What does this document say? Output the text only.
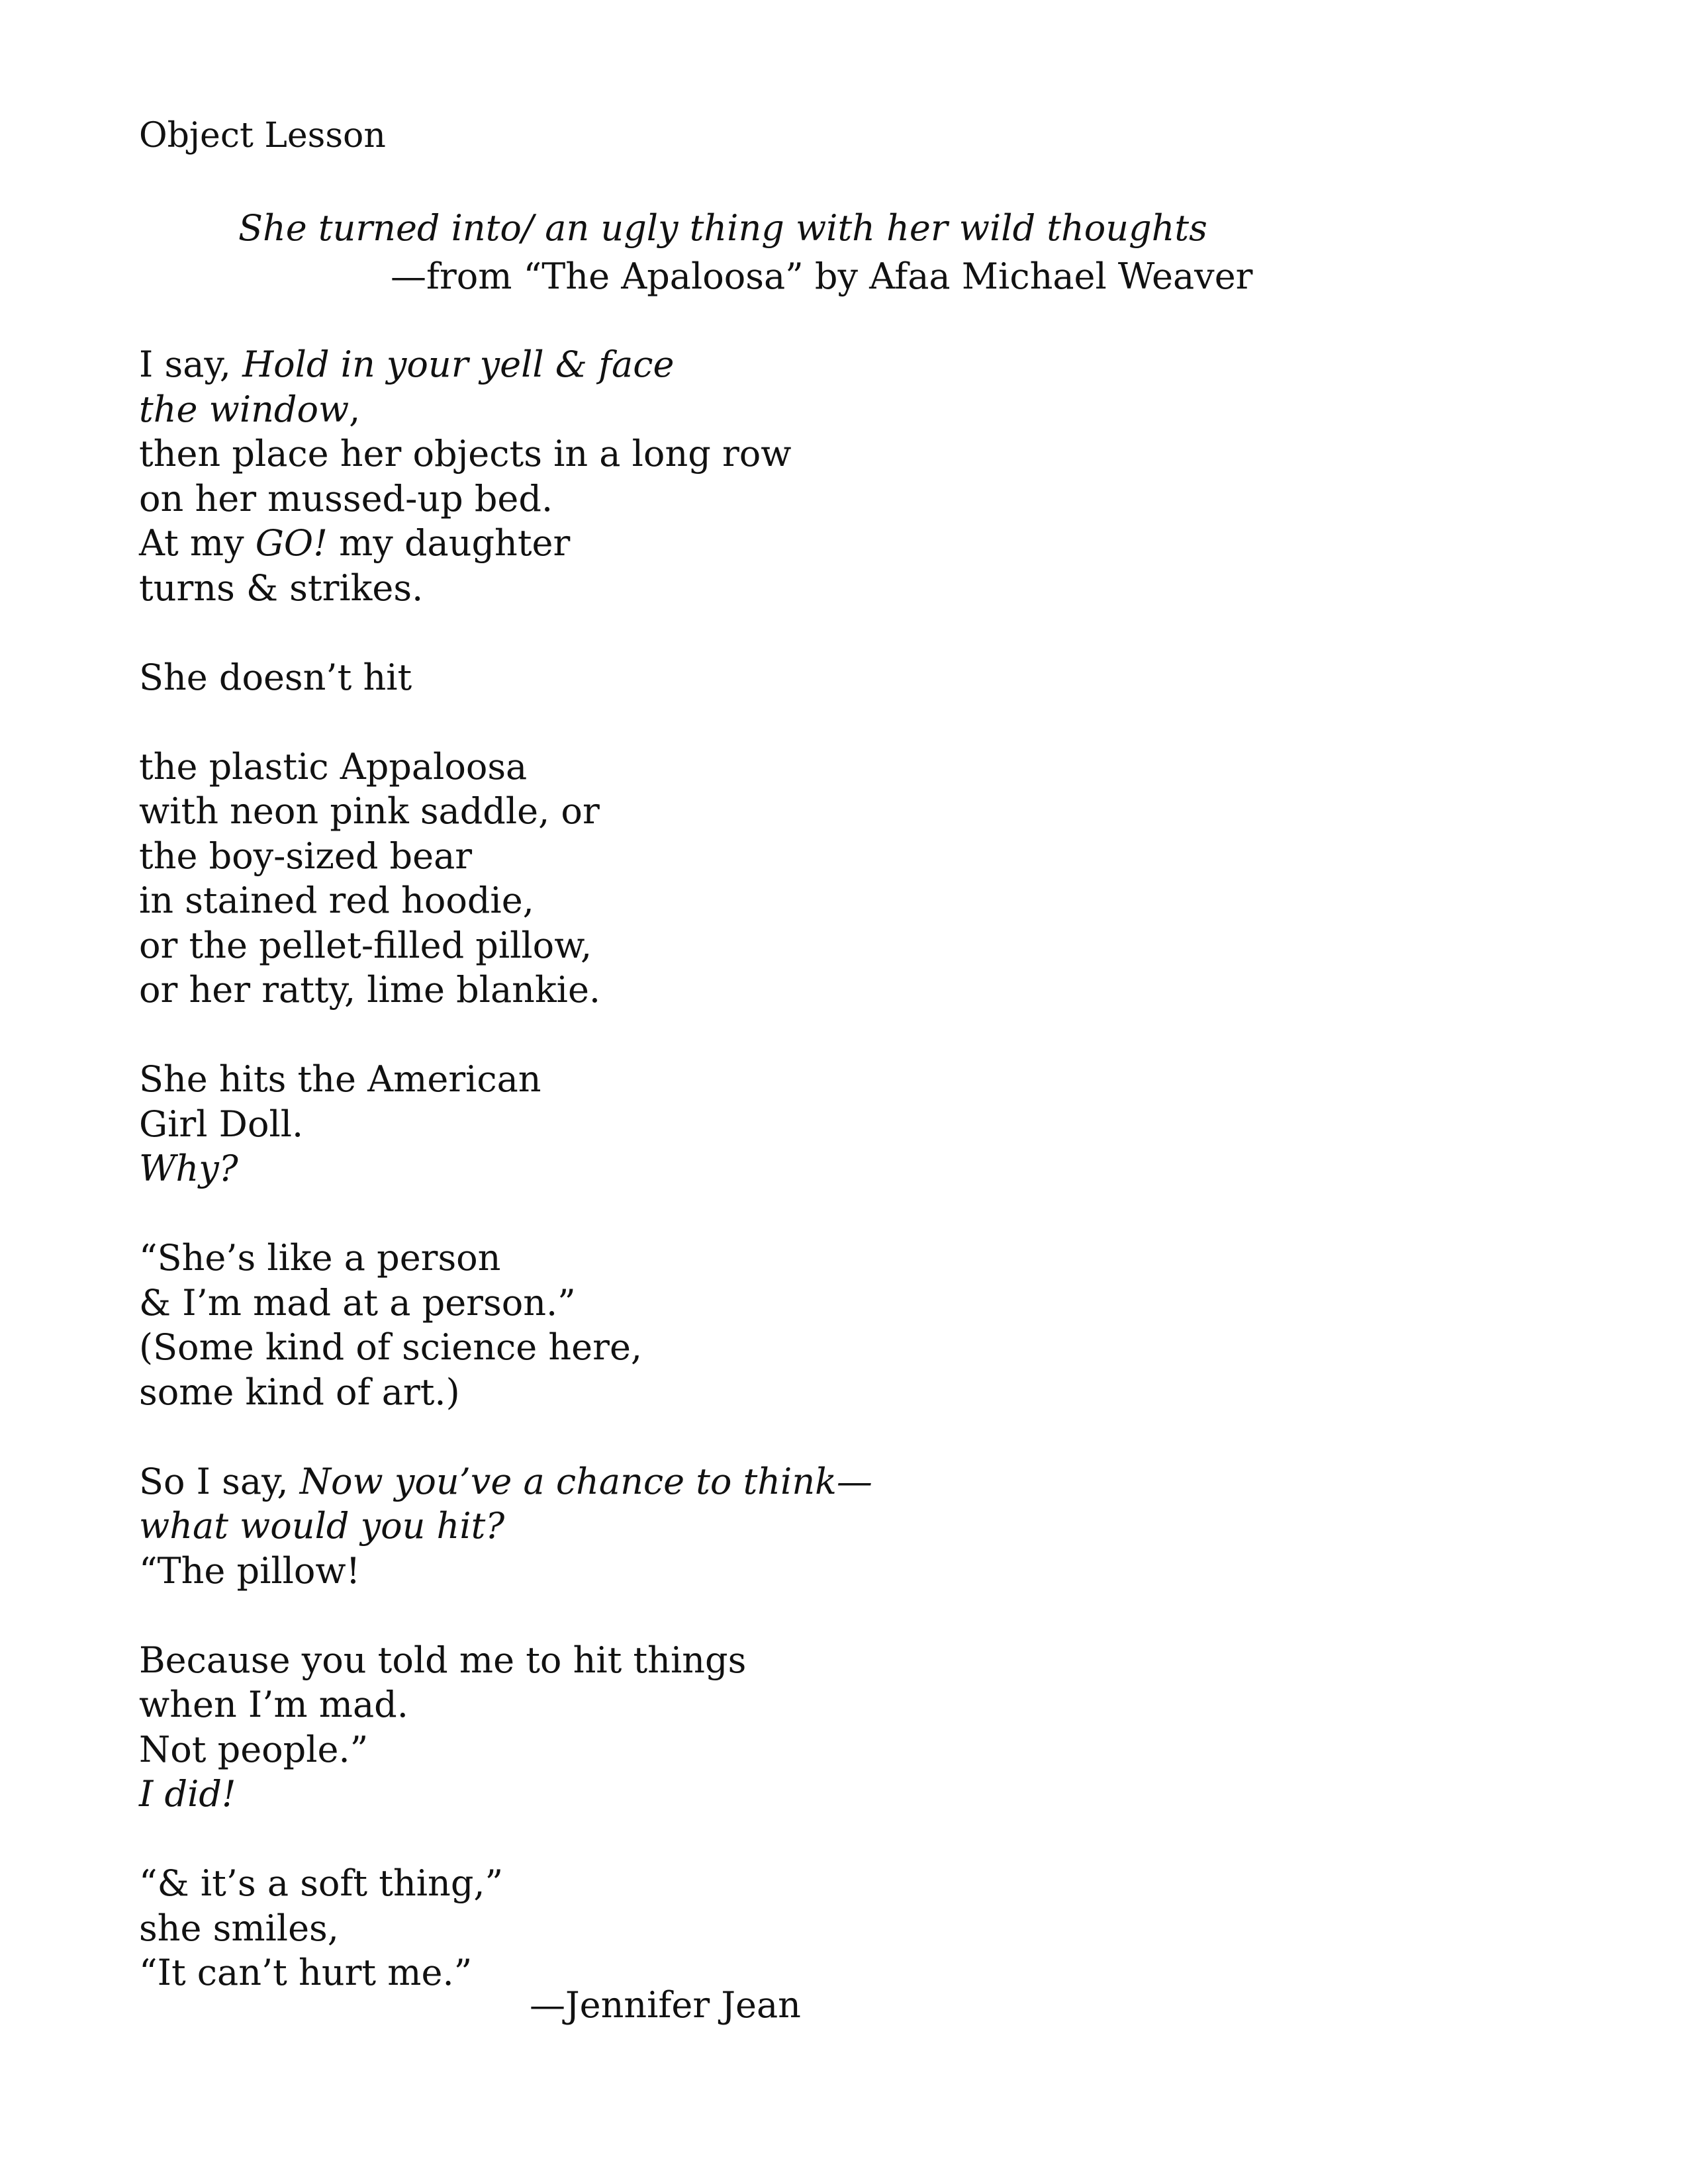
Object Lesson
She turned into/ an ugly thing with her wild thoughts
—from “The Apaloosa” by Afaa Michael Weaver
I say, Hold in your yell & face
the window,
then place her objects in a long row
on her mussed-up bed.
At my GO! my daughter
turns & strikes.
She doesn’t hit
the plastic Appaloosa
with neon pink saddle, or
the boy-sized bear
in stained red hoodie,
or the pellet-filled pillow,
or her ratty, lime blankie.
She hits the American
Girl Doll.
Why?
“She’s like a person
& I’m mad at a person.”
(Some kind of science here,
some kind of art.)
So I say, Now you’ve a chance to think—
what would you hit?
“The pillow!
Because you told me to hit things
when I’m mad.
Not people.”
I did!
“& it’s a soft thing,”
she smiles,
“It can’t hurt me.”
—Jennifer Jean
